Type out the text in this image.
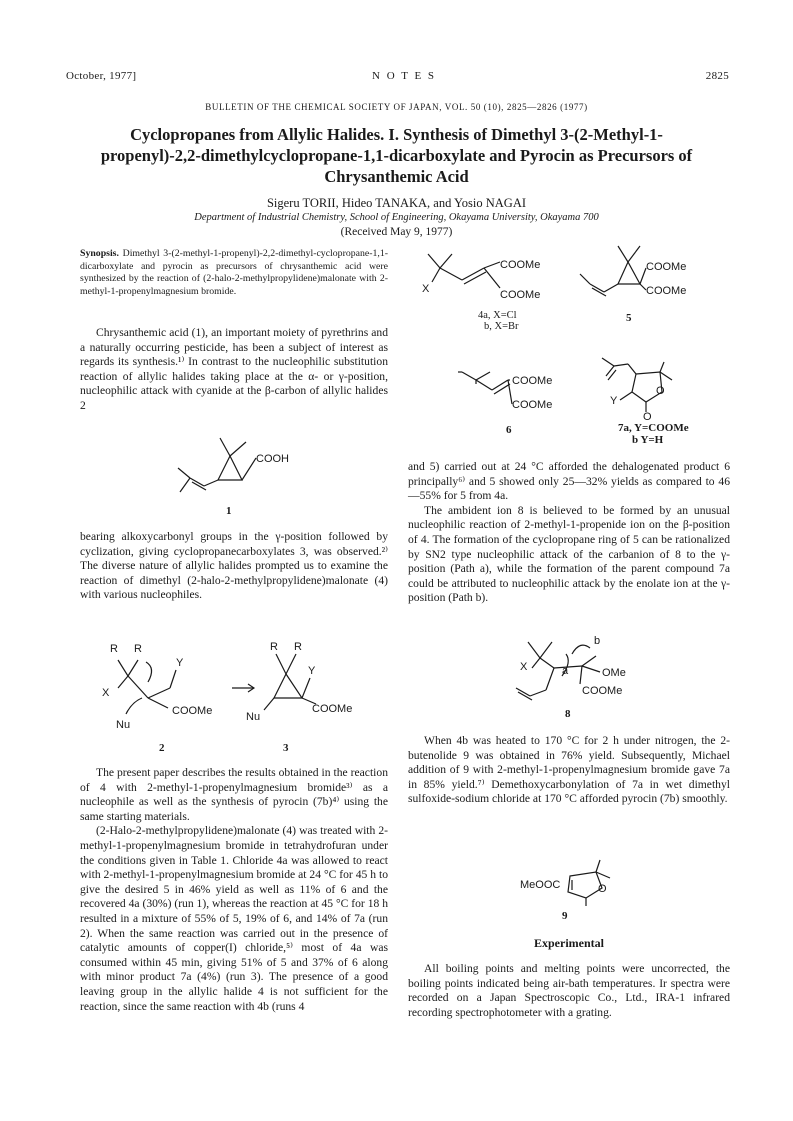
October, 1977]	N O T E S	2825
BULLETIN OF THE CHEMICAL SOCIETY OF JAPAN, VOL. 50 (10), 2825—2826 (1977)
Cyclopropanes from Allylic Halides. I. Synthesis of Dimethyl 3-(2-Methyl-1-propenyl)-2,2-dimethylcyclopropane-1,1-dicarboxylate and Pyrocin as Precursors of Chrysanthemic Acid
Sigeru TORII, Hideo TANAKA, and Yosio NAGAI
Department of Industrial Chemistry, School of Engineering, Okayama University, Okayama 700
(Received May 9, 1977)
Synopsis. Dimethyl 3-(2-methyl-1-propenyl)-2,2-dimethyl-cyclopropane-1,1-dicarboxylate and pyrocin as precursors of chrysanthemic acid were synthesized by the reaction of (2-halo-2-methylpropylidene)malonate with 2-methyl-1-propenylmagnesium bromide.

Chrysanthemic acid (1), an important moiety of pyrethrins and a naturally occurring pesticide, has been a subject of interest as regards its synthesis.¹⁾ In contrast to the nucleophilic substitution reaction of allylic halides taking place at the α- or γ-position, nucleophilic attack with cyanide at the β-carbon of allylic halides 2

COOH
1

bearing alkoxycarbonyl groups in the γ-position followed by cyclization, giving cyclopropanecarboxylates 3, was observed.²⁾ The diverse nature of allylic halides prompted us to examine the reaction of dimethyl (2-halo-2-methylpropylidene)malonate (4) with various nucleophiles.

R R
X
Y
COOMe
Nu
R R
Y
COOMe
Nu
2	3

The present paper describes the results obtained in the reaction of 4 with 2-methyl-1-propenylmagnesium bromide³⁾ as a nucleophile as well as the synthesis of pyrocin (7b)⁴⁾ using the same starting materials.

(2-Halo-2-methylpropylidene)malonate (4) was treated with 2-methyl-1-propenylmagnesium bromide in tetrahydrofuran under the conditions given in Table 1. Chloride 4a was allowed to react with 2-methyl-1-propenylmagnesium bromide at 24 °C for 45 h to give the desired 5 in 46% yield as well as 11% of 6 and the recovered 4a (30%) (run 1), whereas the reaction at 45 °C for 18 h resulted in a mixture of 55% of 5, 19% of 6, and 14% of 7a (run 2). When the same reaction was carried out in the presence of catalytic amounts of copper(I) chloride,⁵⁾ most of 4a was consumed within 45 min, giving 51% of 5 and 37% of 6 along with minor product 7a (4%) (run 3). The presence of a good leaving group in the allylic halide 4 is not sufficient for the reaction, since the same reaction with 4b (runs 4

X
COOMe
COOMe
4a, X=Cl
b, X=Br
COOMe
COOMe
5
COOMe
COOMe
6
O
Y
O
7a, Y=COOMe
b Y=H

and 5) carried out at 24 °C afforded the dehalogenated product 6 principally⁶⁾ and 5 showed only 25—32% yields as compared to 46—55% for 5 from 4a.

The ambident ion 8 is believed to be formed by an unusual nucleophilic reaction of 2-methyl-1-propenide ion on the β-position of 4. The formation of the cyclopropane ring of 5 can be rationalized by SN2 type nucleophilic attack of the carbanion of 8 to the γ-position (Path a), while the formation of the parent compound 7a could be attributed to nucleophilic attack by the enolate ion at the γ-position (Path b).

X	a
b
OMe
COOMe
8

When 4b was heated to 170 °C for 2 h under nitrogen, the 2-butenolide 9 was obtained in 76% yield. Subsequently, Michael addition of 9 with 2-methyl-1-propenylmagnesium bromide gave 7a in 85% yield.⁷⁾ Demethoxycarbonylation of 7a in wet dimethyl sulfoxide-sodium chloride at 170 °C afforded pyrocin (7b) smoothly.

MeOOC	O
9
Experimental

All boiling points and melting points were uncorrected, the boiling points indicated being air-bath temperatures. Ir spectra were recorded on a Japan Spectroscopic Co., Ltd., IRA-1 infrared recording spectrophotometer with a grating.
